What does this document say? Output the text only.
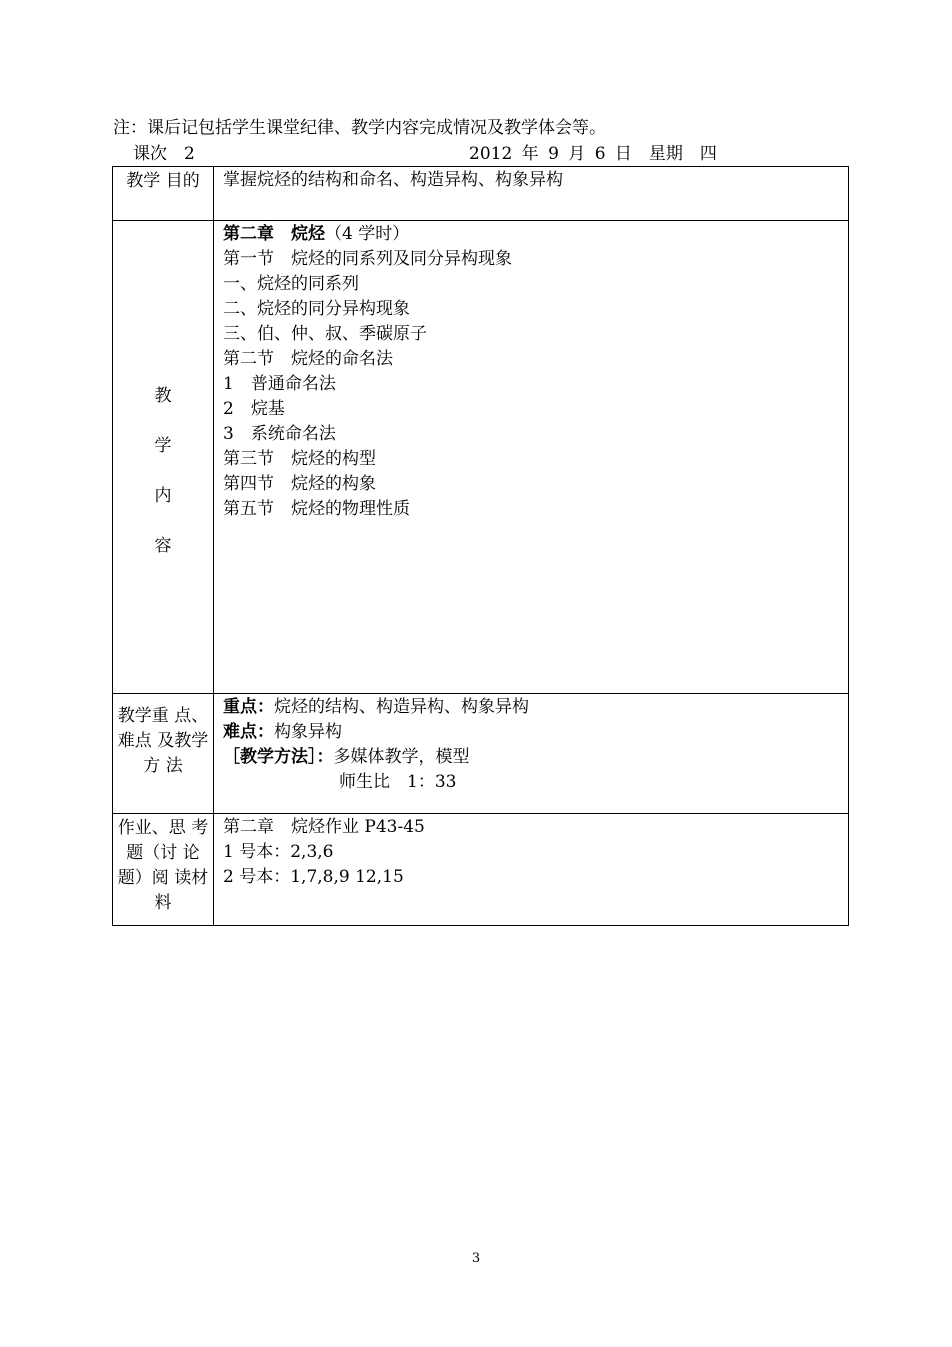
注：课后记包括学生课堂纪律、教学内容完成情况及教学体会等。
课次　2	2012 年 9 月 6 日　星期　四
教学 目的	掌握烷烃的结构和命名、构造异构、构象异构
教
学
内
容
第二章　烷烃（4 学时）
第一节　烷烃的同系列及同分异构现象
一、烷烃的同系列
二、烷烃的同分异构现象
三、伯、仲、叔、季碳原子
第二节　烷烃的命名法
1　普通命名法
2　烷基
3　系统命名法
第三节　烷烃的构型
第四节　烷烃的构象
第五节　烷烃的物理性质
教学重 点、难点 及教学方 法
重点：烷烃的结构、构造异构、构象异构
难点：构象异构
［教学方法］：多媒体教学，模型
师生比　1：33
作业、思 考题（讨 论题）阅 读材料
第二章　烷烃作业 P43-45
1 号本：2,3,6
2 号本：1,7,8,9 12,15
3
